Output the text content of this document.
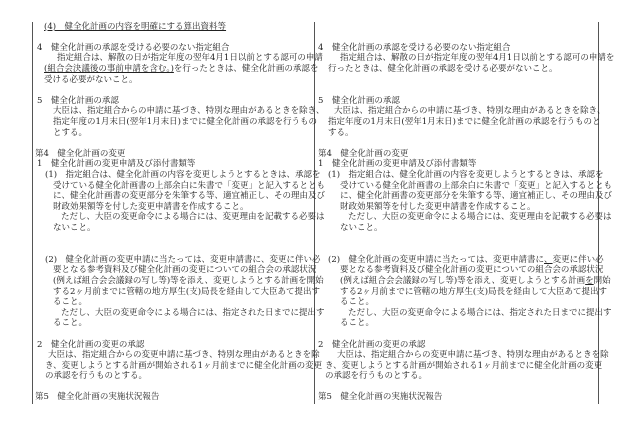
(4)　健全化計画の内容を明確にする算出資料等
4　健全化計画の承認を受ける必要のない指定組合
指定組合は、解散の日が指定年度の翌年4月1日以前とする認可の申請
(組合会決議後の事前申請を含む。)を行ったときは、健全化計画の承認を
受ける必要がないこと。
5　健全化計画の承認
大臣は、指定組合からの申請に基づき、特別な理由があるときを除き、
指定年度の1月末日(翌年1月末日)までに健全化計画の承認を行うもの
とする。
第4　健全化計画の変更
1　健全化計画の変更申請及び添付書類等
(1)　指定組合は、健全化計画の内容を変更しようとするときは、承認を
受けている健全化計画書の上部余白に朱書で「変更」と記入するととも
に、健全化計画書の変更部分を朱筆する等、適宜補正し、その理由及び
財政効果額等を付した変更申請書を作成すること。
ただし、大臣の変更命令による場合には、変更理由を記載する必要は
ないこと。
(2)　健全化計画の変更申請に当たっては、変更申請書に、変更に伴い必
要となる参考資料及び健全化計画の変更についての組合会の承認状況
(例えば組合会会議録の写し等)等を添え、変更しようとする計画を開始
する2ヶ月前までに管轄の地方厚生(支)局長を経由して大臣あて提出す
ること。
ただし、大臣の変更命令による場合には、指定された日までに提出す
ること。
2　健全化計画の変更の承認
大臣は、指定組合からの変更申請に基づき、特別な理由があるときを除
き、変更しようとする計画が開始される1ヶ月前までに健全化計画の変更
の承認を行うものとする。
第5　健全化計画の実施状況報告
4　健全化計画の承認を受ける必要のない指定組合
指定組合は、解散の日が指定年度の翌年4月1日以前とする認可の申請を
行ったときは、健全化計画の承認を受ける必要がないこと。
5　健全化計画の承認
大臣は、指定組合からの申請に基づき、特別な理由があるときを除き、
指定年度の1月末日(翌年1月末日)までに健全化計画の承認を行うものと
する。
第4　健全化計画の変更
1　健全化計画の変更申請及び添付書類等
(1)　指定組合は、健全化計画の内容を変更しようとするときは、承認を
受けている健全化計画書の上部余白に朱書で「変更」と記入するととも
に、健全化計画書の変更部分を朱筆する等、適宜補正し、その理由及び
財政効果額等を付した変更申請書を作成すること。
ただし、大臣の変更命令による場合には、変更理由を記載する必要は
ないこと。
(2)　健全化計画の変更申請に当たっては、変更申請書に、変更に伴い必
要となる参考資料及び健全化計画の変更についての組合会の承認状況
(例えば組合会会議録の写し等)等を添え、変更しようとする計画を開始
する2ヶ月前までに管轄の地方厚生(支)局長を経由して大臣あて提出す
ること。
ただし、大臣の変更命令による場合には、指定された日までに提出す
ること。
2　健全化計画の変更の承認
大臣は、指定組合からの変更申請に基づき、特別な理由があるときを除
き、変更しようとする計画が開始される1ヶ月前までに健全化計画の変更
の承認を行うものとする。
第5　健全化計画の実施状況報告
